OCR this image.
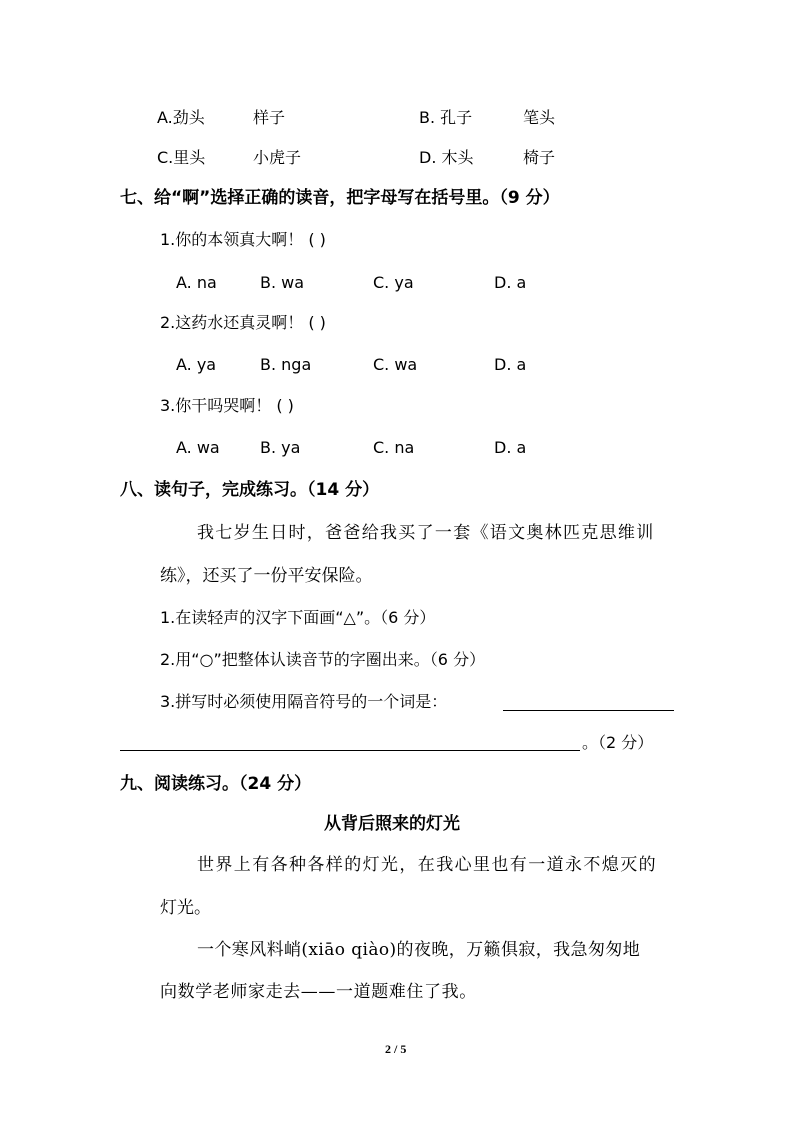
A.劲头	样子	B. 孔子	笔头
C.里头	小虎子	D. 木头	椅子
七、给“啊”选择正确的读音，把字母写在括号里。（9 分）
1.你的本领真大啊！ ( )
A. na	B. wa	C. ya	D. a
2.这药水还真灵啊！ ( )
A. ya	B. nga	C. wa	D. a
3.你干吗哭啊！ ( )
A. wa	B. ya	C. na	D. a
八、读句子，完成练习。（14 分）
我七岁生日时，爸爸给我买了一套《语文奥林匹克思维训
练》，还买了一份平安保险。
1.在读轻声的汉字下面画“△”。（6 分）
2.用“○”把整体认读音节的字圈出来。（6 分）
3.拼写时必须使用隔音符号的一个词是：
。（2 分）
九、阅读练习。（24 分）
从背后照来的灯光
世界上有各种各样的灯光，在我心里也有一道永不熄灭的
灯光。
一个寒风料峭(xiāo qiào)的夜晚，万籁俱寂，我急匆匆地
向数学老师家走去——一道题难住了我。
2 / 5
